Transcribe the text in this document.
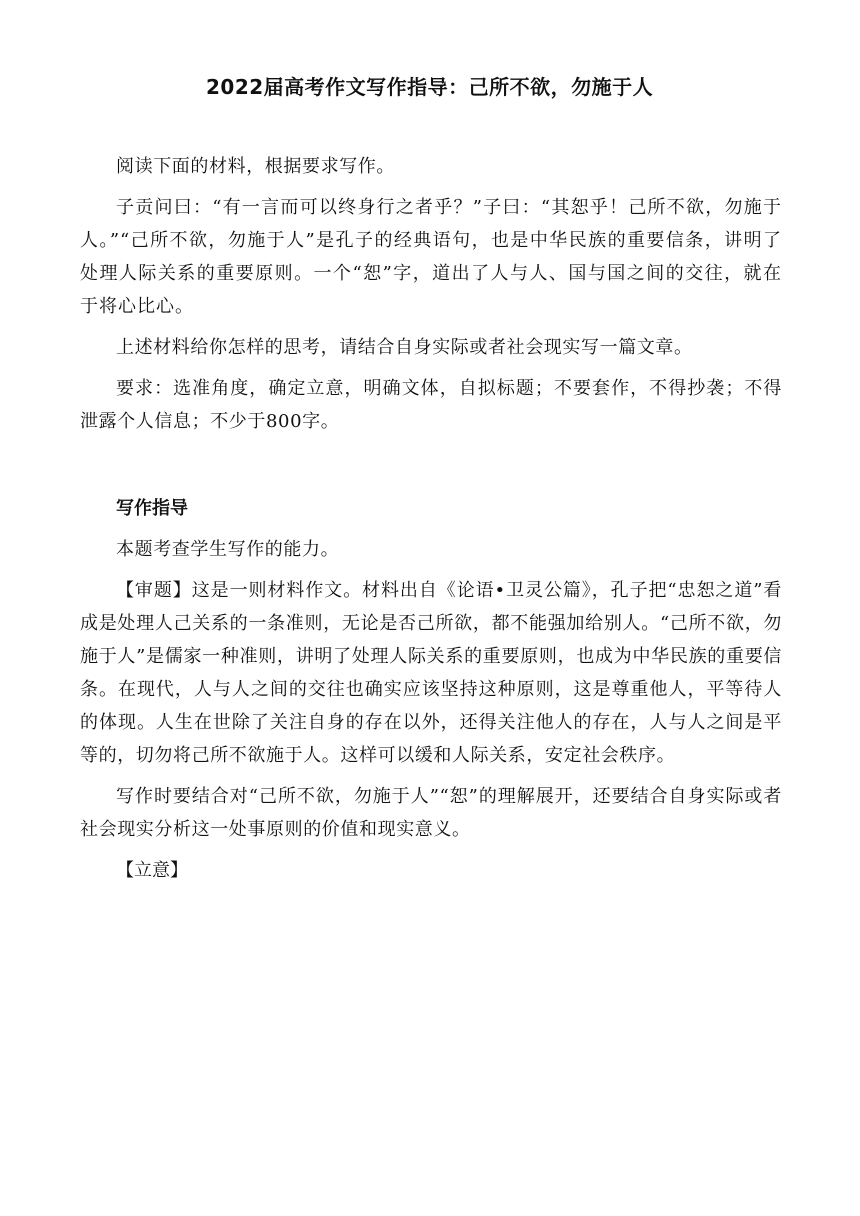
2022届高考作文写作指导：己所不欲，勿施于人

阅读下面的材料，根据要求写作。

子贡问曰：“有一言而可以终身行之者乎？”子曰：“其恕乎！己所不欲，勿施于人。”“己所不欲，勿施于人”是孔子的经典语句，也是中华民族的重要信条，讲明了处理人际关系的重要原则。一个“恕”字，道出了人与人、国与国之间的交往，就在于将心比心。

上述材料给你怎样的思考，请结合自身实际或者社会现实写一篇文章。

要求：选准角度，确定立意，明确文体，自拟标题；不要套作，不得抄袭；不得泄露个人信息；不少于800字。

写作指导

本题考查学生写作的能力。

【审题】这是一则材料作文。材料出自《论语•卫灵公篇》，孔子把“忠恕之道”看成是处理人己关系的一条准则，无论是否己所欲，都不能强加给别人。“己所不欲，勿施于人”是儒家一种准则，讲明了处理人际关系的重要原则，也成为中华民族的重要信条。在现代，人与人之间的交往也确实应该坚持这种原则，这是尊重他人，平等待人的体现。人生在世除了关注自身的存在以外，还得关注他人的存在，人与人之间是平等的，切勿将己所不欲施于人。这样可以缓和人际关系，安定社会秩序。

写作时要结合对“己所不欲，勿施于人”“恕”的理解展开，还要结合自身实际或者社会现实分析这一处事原则的价值和现实意义。

【立意】
